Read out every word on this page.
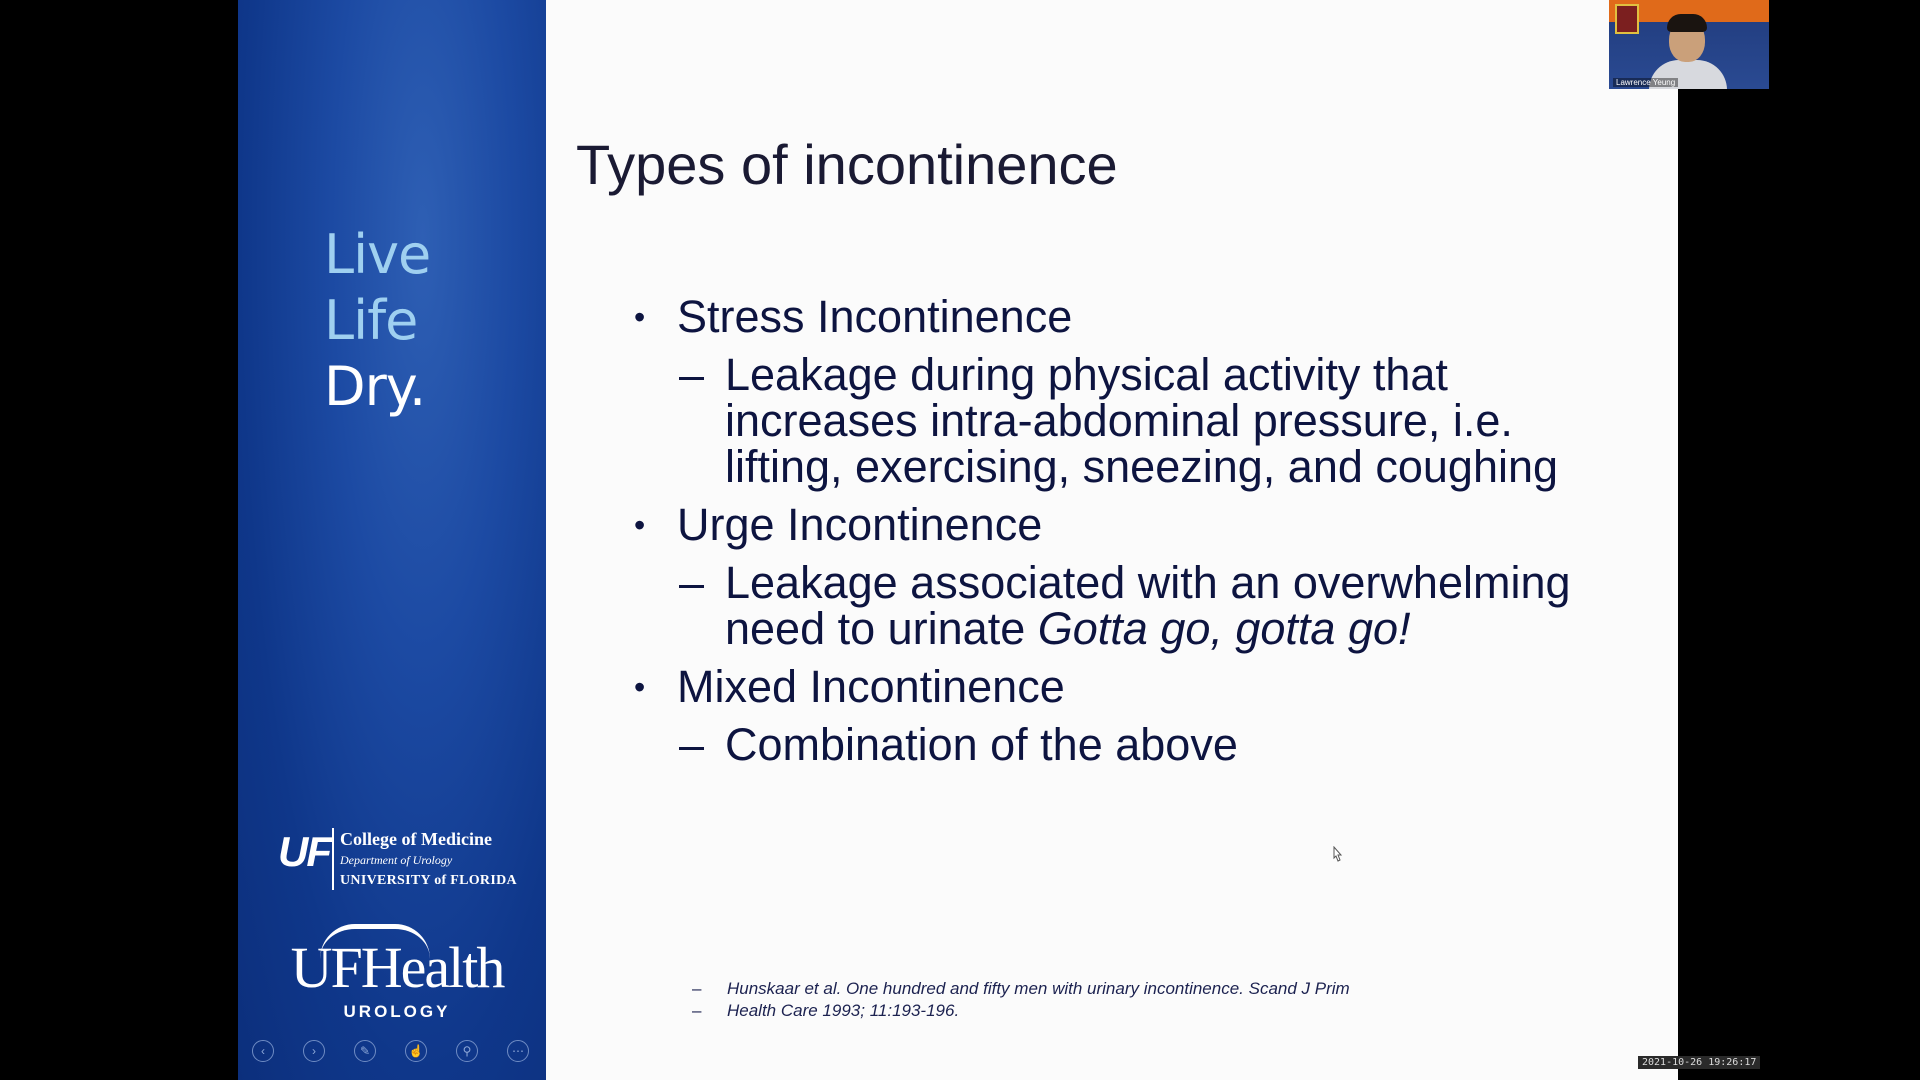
Live
Life
Dry.
UF College of Medicine
Department of Urology
UNIVERSITY of FLORIDA
UFHealth
UROLOGY
‹	›	✎	☝	⚲	⋯
Types of incontinence
• Stress Incontinence
– Leakage during physical activity that increases intra-abdominal pressure, i.e. lifting, exercising, sneezing, and coughing
• Urge Incontinence
– Leakage associated with an overwhelming need to urinate Gotta go, gotta go!
• Mixed Incontinence
– Combination of the above
– Hunskaar et al. One hundred and fifty men with urinary incontinence. Scand J Prim
– Health Care 1993; 11:193-196.
Lawrence Yeung
2021-10-26 19:26:17
